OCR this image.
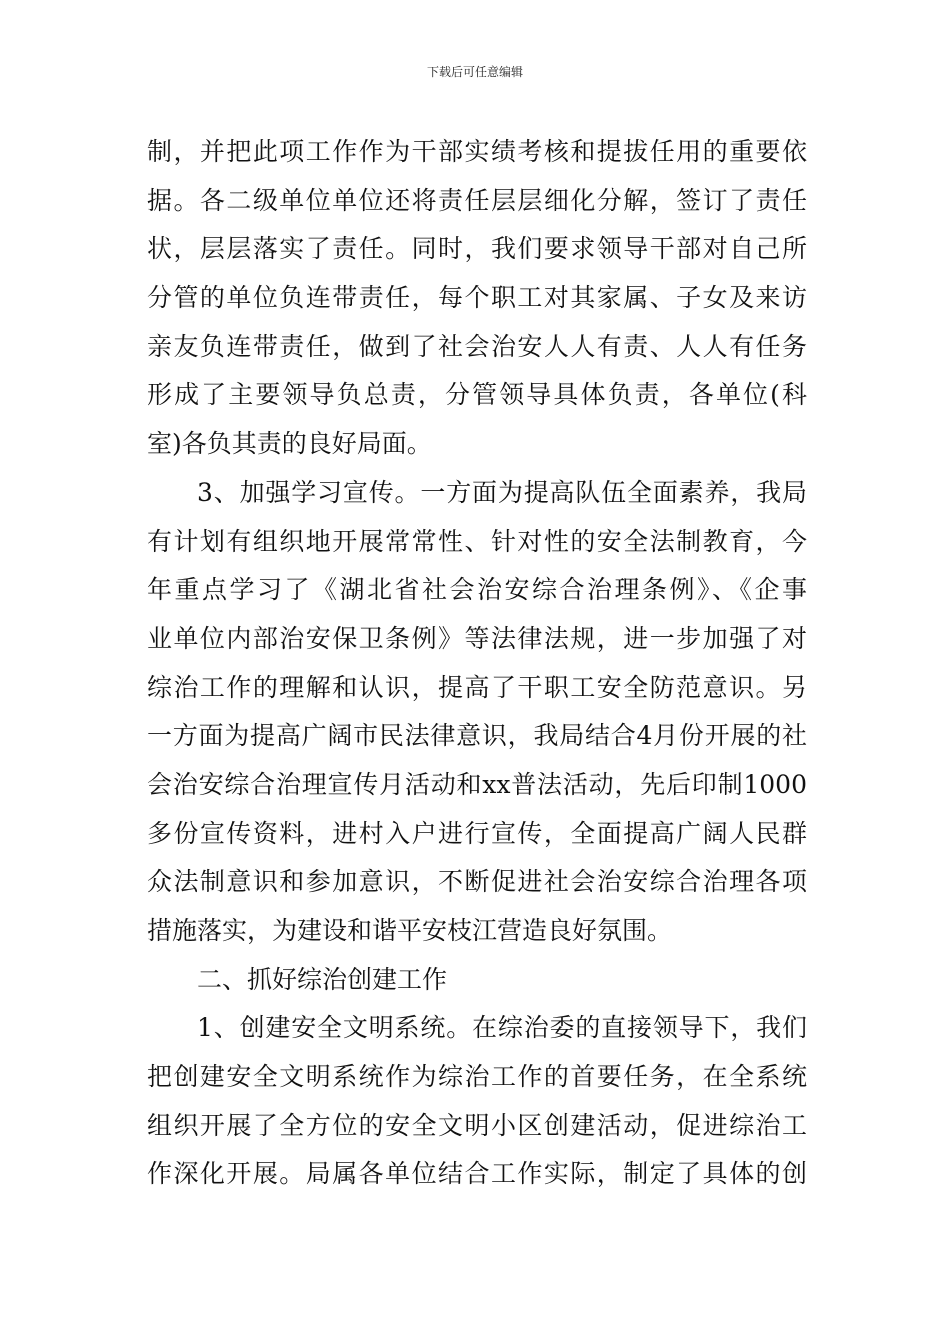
下载后可任意编辑
制，并把此项工作作为干部实绩考核和提拔任用的重要依
据。各二级单位单位还将责任层层细化分解，签订了责任
状，层层落实了责任。同时，我们要求领导干部对自己所
分管的单位负连带责任，每个职工对其家属、子女及来访
亲友负连带责任，做到了社会治安人人有责、人人有任务
形成了主要领导负总责，分管领导具体负责，各单位(科
室)各负其责的良好局面。
3、加强学习宣传。一方面为提高队伍全面素养，我局
有计划有组织地开展常常性、针对性的安全法制教育，今
年重点学习了《湖北省社会治安综合治理条例》、《企事
业单位内部治安保卫条例》等法律法规，进一步加强了对
综治工作的理解和认识，提高了干职工安全防范意识。另
一方面为提高广阔市民法律意识，我局结合4月份开展的社
会治安综合治理宣传月活动和xx普法活动，先后印制1000
多份宣传资料，进村入户进行宣传，全面提高广阔人民群
众法制意识和参加意识，不断促进社会治安综合治理各项
措施落实，为建设和谐平安枝江营造良好氛围。
二、抓好综治创建工作
1、创建安全文明系统。在综治委的直接领导下，我们
把创建安全文明系统作为综治工作的首要任务，在全系统
组织开展了全方位的安全文明小区创建活动，促进综治工
作深化开展。局属各单位结合工作实际，制定了具体的创
